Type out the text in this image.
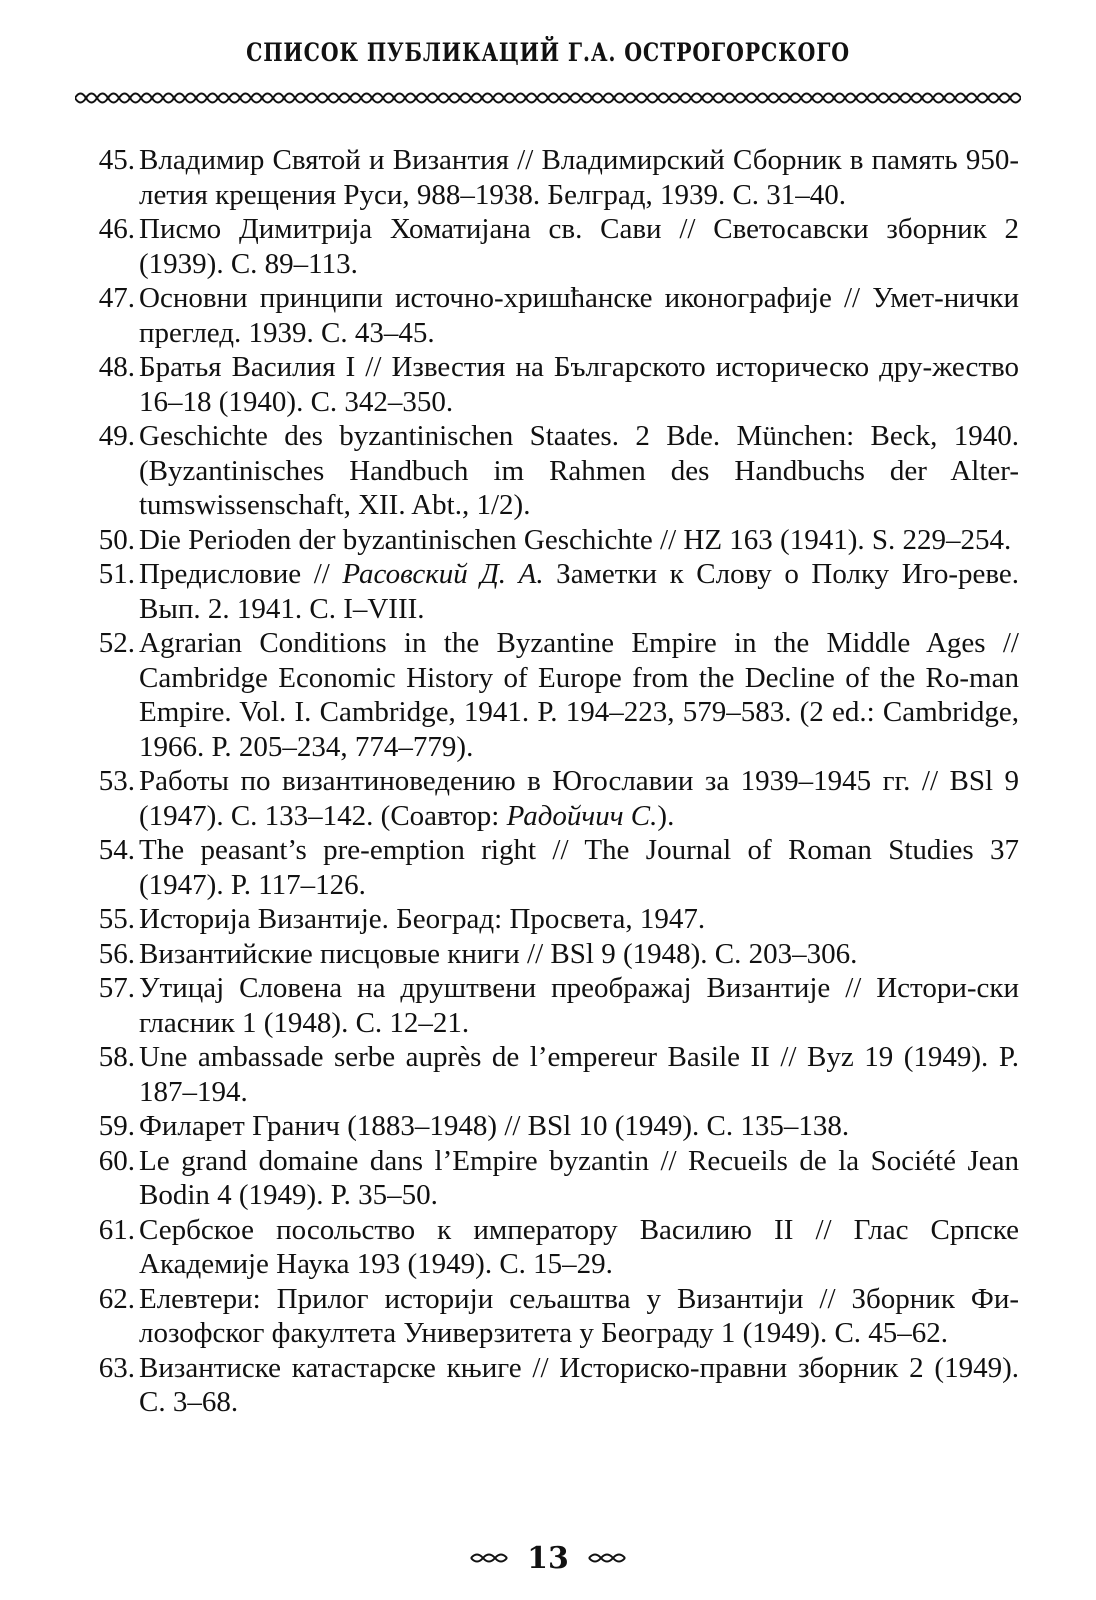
СПИСОК ПУБЛИКАЦИЙ Г.А. ОСТРОГОРСКОГО
45. Владимир Святой и Византия // Владимирский Сборник в память 950-летия крещения Руси, 988–1938. Белград, 1939. С. 31–40.
46. Писмо Димитрија Хоматијана св. Сави // Светосавски зборник 2 (1939). С. 89–113.
47. Основни принципи источно-хришћанске иконографије // Умет-нички преглед. 1939. С. 43–45.
48. Братья Василия I // Известия на Българското историческо дру-жество 16–18 (1940). С. 342–350.
49. Geschichte des byzantinischen Staates. 2 Bde. München: Beck, 1940. (Byzantinisches Handbuch im Rahmen des Handbuchs der Alter-tumswissenschaft, XII. Abt., 1/2).
50. Die Perioden der byzantinischen Geschichte // HZ 163 (1941). S. 229–254.
51. Предисловие // Расовский Д. А. Заметки к Слову о Полку Иго-реве. Вып. 2. 1941. С. I–VIII.
52. Agrarian Conditions in the Byzantine Empire in the Middle Ages // Cambridge Economic History of Europe from the Decline of the Ro-man Empire. Vol. I. Cambridge, 1941. P. 194–223, 579–583. (2 ed.: Cambridge, 1966. P. 205–234, 774–779).
53. Работы по византиноведению в Югославии за 1939–1945 гг. // BSl 9 (1947). С. 133–142. (Соавтор: Радойчич С.).
54. The peasant’s pre-emption right // The Journal of Roman Studies 37 (1947). P. 117–126.
55. Историја Византије. Београд: Просвета, 1947.
56. Византийские писцовые книги // BSl 9 (1948). С. 203–306.
57. Утицај Словена на друштвени преображај Византије // Истори-ски гласник 1 (1948). С. 12–21.
58. Une ambassade serbe auprès de l’empereur Basile II // Byz 19 (1949). P. 187–194.
59. Филарет Гранич (1883–1948) // BSl 10 (1949). С. 135–138.
60. Le grand domaine dans l’Empire byzantin // Recueils de la Société Jean Bodin 4 (1949). P. 35–50.
61. Сербское посольство к императору Василию II // Глас Српске Академије Наука 193 (1949). С. 15–29.
62. Елевтери: Прилог историји сељаштва у Византији // Зборник Фи-лозофског факултета Универзитета у Београду 1 (1949). С. 45–62.
63. Византиске катастарске књиге // Историско-правни зборник 2 (1949). С. 3–68.
13
